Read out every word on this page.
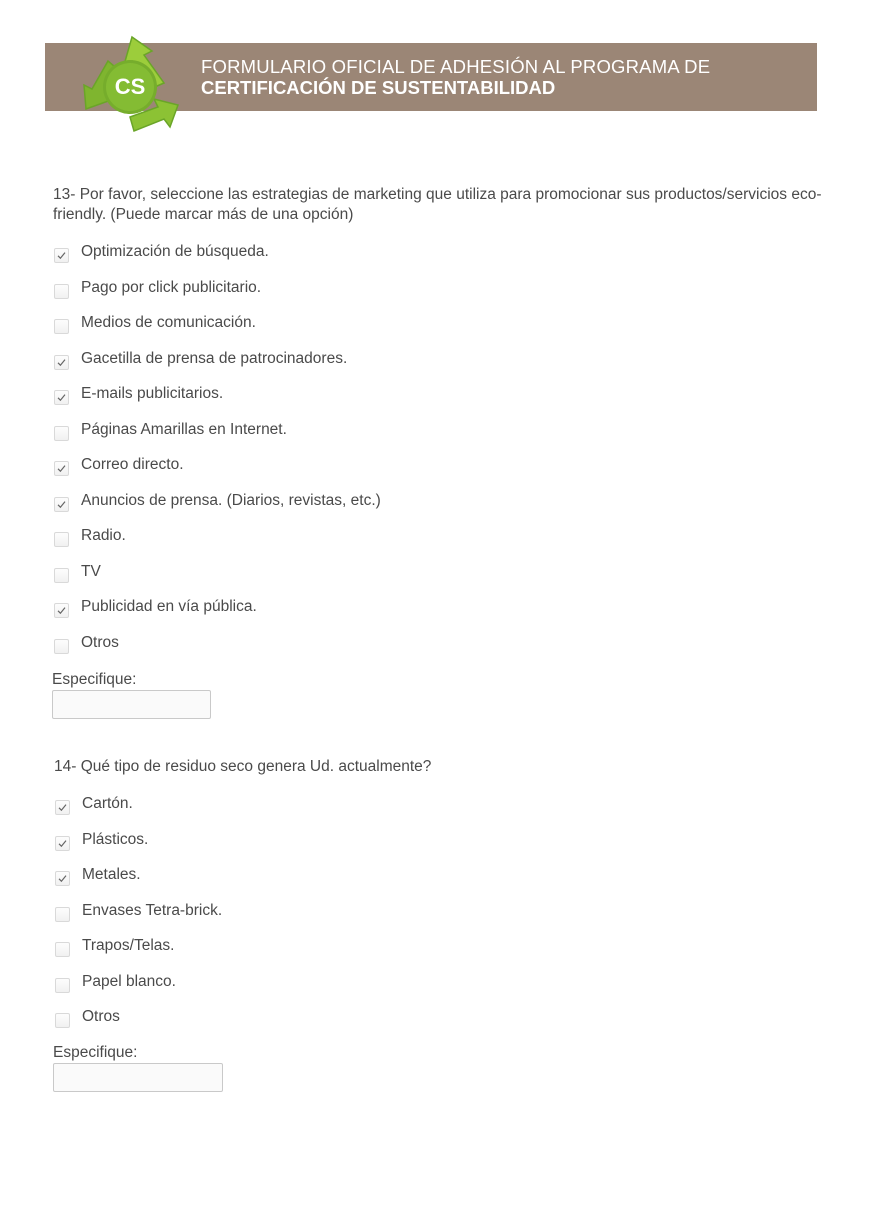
CS
FORMULARIO OFICIAL DE ADHESIÓN AL PROGRAMA DE
CERTIFICACIÓN DE SUSTENTABILIDAD
13- Por favor, seleccione las estrategias de marketing que utiliza para promocionar sus productos/servicios eco-friendly. (Puede marcar más de una opción)
Optimización de búsqueda.
Pago por click publicitario.
Medios de comunicación.
Gacetilla de prensa de patrocinadores.
E-mails publicitarios.
Páginas Amarillas en Internet.
Correo directo.
Anuncios de prensa. (Diarios, revistas, etc.)
Radio.
TV
Publicidad en vía pública.
Otros
Especifique:
14- Qué tipo de residuo seco genera Ud. actualmente?
Cartón.
Plásticos.
Metales.
Envases Tetra-brick.
Trapos/Telas.
Papel blanco.
Otros
Especifique:
